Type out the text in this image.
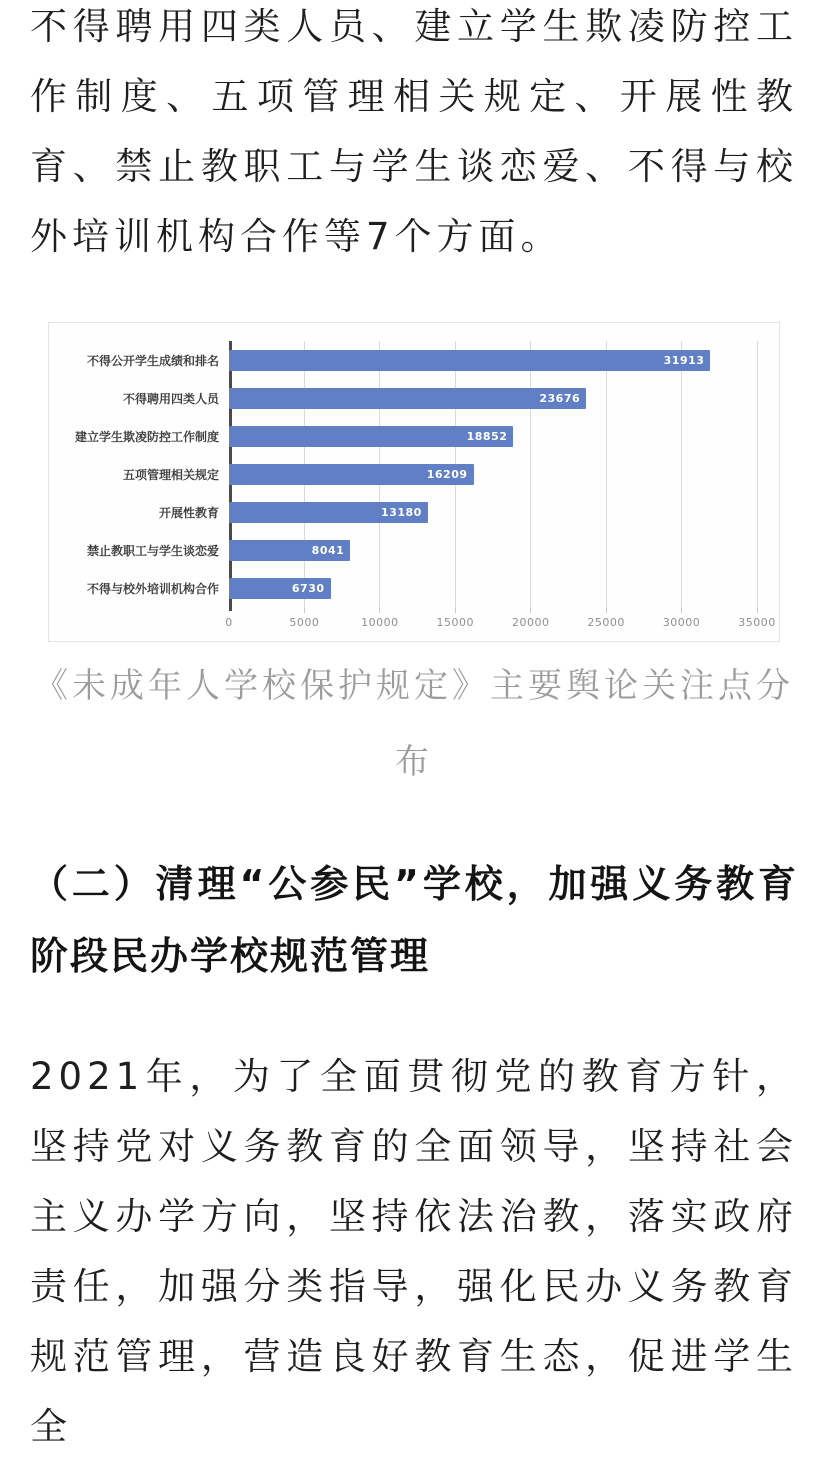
不得聘用四类人员、建立学生欺凌防控工作制度、五项管理相关规定、开展性教育、禁止教职工与学生谈恋爱、不得与校外培训机构合作等7个方面。

不得公开学生成绩和排名
不得聘用四类人员
建立学生欺凌防控工作制度
五项管理相关规定
开展性教育
禁止教职工与学生谈恋爱
不得与校外培训机构合作
31913
23676
18852
16209
13180
8041
6730
0	5000	10000	15000	20000	25000	30000	35000

《未成年人学校保护规定》主要舆论关注点分布

（二）清理“公参民”学校，加强义务教育阶段民办学校规范管理

2021年，为了全面贯彻党的教育方针，坚持党对义务教育的全面领导，坚持社会主义办学方向，坚持依法治教，落实政府责任，加强分类指导，强化民办义务教育规范管理，营造良好教育生态，促进学生全
